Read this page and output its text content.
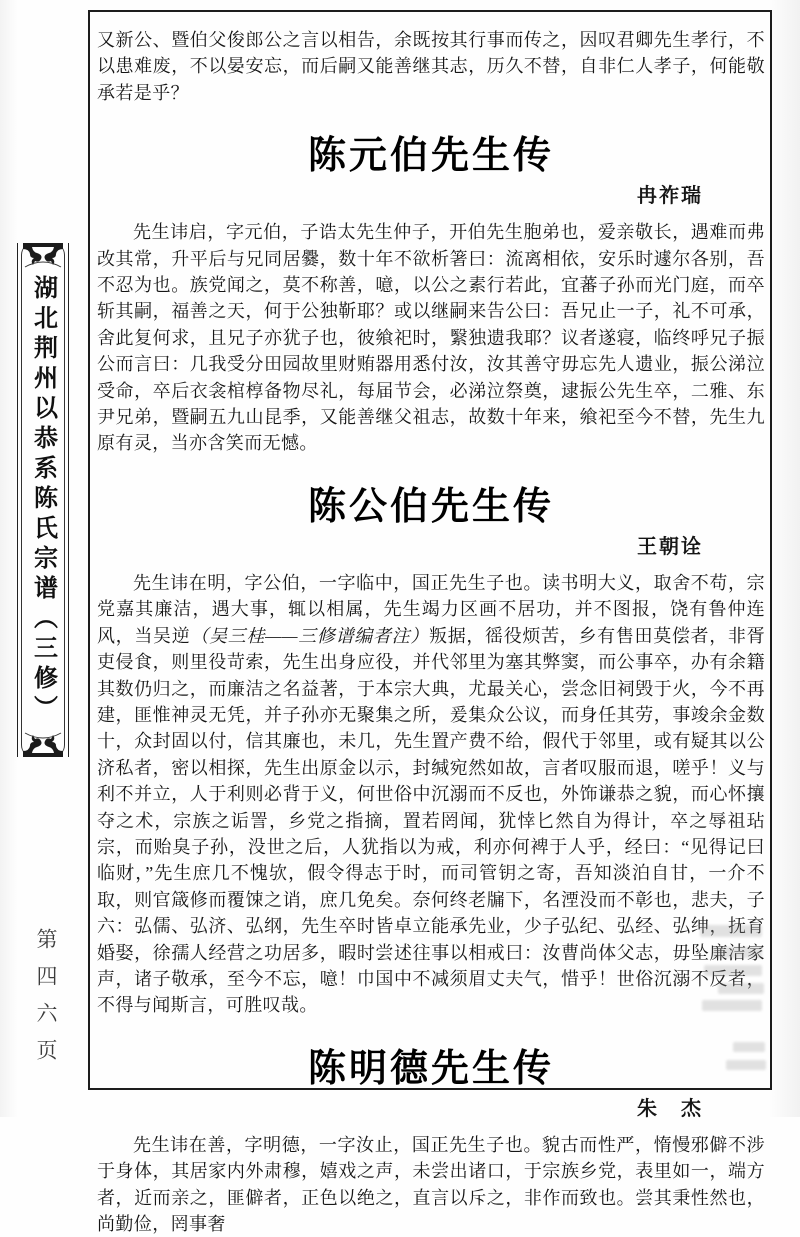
湖北荆州以恭系陈氏宗谱（三修）
第四六页

又新公、暨伯父俊郎公之言以相告，余既按其行事而传之，因叹君卿先生孝行，不以患难废，不以晏安忘，而后嗣又能善继其志，历久不替，自非仁人孝子，何能敬承若是乎？

陈元伯先生传
冉祚瑞

先生讳启，字元伯，子诰太先生仲子，开伯先生胞弟也，爱亲敬长，遇难而弗改其常，升平后与兄同居爨，数十年不欲析箸曰：流离相依，安乐时遽尔各别，吾不忍为也。族党闻之，莫不称善，噫，以公之素行若此，宜蕃子孙而光门庭，而卒斩其嗣，福善之天，何于公独靳耶？或以继嗣来告公曰：吾兄止一子，礼不可承，舍此复何求，且兄子亦犹子也，彼飨祀时，繄独遗我耶？议者遂寝，临终呼兄子振公而言曰：几我受分田园故里财贿器用悉付汝，汝其善守毋忘先人遗业，振公涕泣受命，卒后衣衾棺椁备物尽礼，每届节会，必涕泣祭奠，逮振公先生卒，二雅、东尹兄弟，暨嗣五九山昆季，又能善继父祖志，故数十年来，飨祀至今不替，先生九原有灵，当亦含笑而无憾。

陈公伯先生传
王朝诠

先生讳在明，字公伯，一字临中，国正先生子也。读书明大义，取舍不苟，宗党嘉其廉洁，遇大事，辄以相属，先生竭力区画不居功，并不图报，饶有鲁仲连风，当吴逆（吴三桂——三修谱编者注）叛据，徭役烦苦，乡有售田莫偿者，非胥吏侵食，则里役苛索，先生出身应役，并代邻里为塞其弊窦，而公事卒，办有余籍其数仍归之，而廉洁之名益著，于本宗大典，尤最关心，尝念旧祠毁于火，今不再建，匪惟神灵无凭，并子孙亦无聚集之所，爰集众公议，而身任其劳，事竣余金数十，众封固以付，信其廉也，未几，先生置产费不给，假代于邻里，或有疑其以公济私者，密以相探，先生出原金以示，封缄宛然如故，言者叹服而退，嗟乎！义与利不并立，人于利则必背于义，何世俗中沉溺而不反也，外饰谦恭之貌，而心怀攘夺之术，宗族之诟詈，乡党之指摘，置若罔闻，犹悻匕然自为得计，卒之辱祖玷宗，而贻臭子孙，没世之后，人犹指以为戒，利亦何裨于人乎，经曰：“见得记曰临财，”先生庶几不愧欤，假令得志于时，而司管钥之寄，吾知淡泊自甘，一介不取，则官箴修而覆𫗧之诮，庶几免矣。奈何终老牖下，名湮没而不彰也，悲夫，子六：弘儒、弘济、弘纲，先生卒时皆卓立能承先业，少子弘纪、弘经、弘绅，抚育婚娶，徐孺人经营之功居多，暇时尝述往事以相戒曰：汝曹尚体父志，毋坠廉洁家声，诸子敬承，至今不忘，噫！巾国中不减须眉丈夫气，惜乎！世俗沉溺不反者，不得与闻斯言，可胜叹哉。

陈明德先生传
朱　杰

先生讳在善，字明德，一字汝止，国正先生子也。貌古而性严，惰慢邪僻不涉于身体，其居家内外肃穆，嬉戏之声，未尝出诸口，于宗族乡党，表里如一，端方者，近而亲之，匪僻者，正色以绝之，直言以斥之，非作而致也。尝其秉性然也，尚勤俭，罔事奢
